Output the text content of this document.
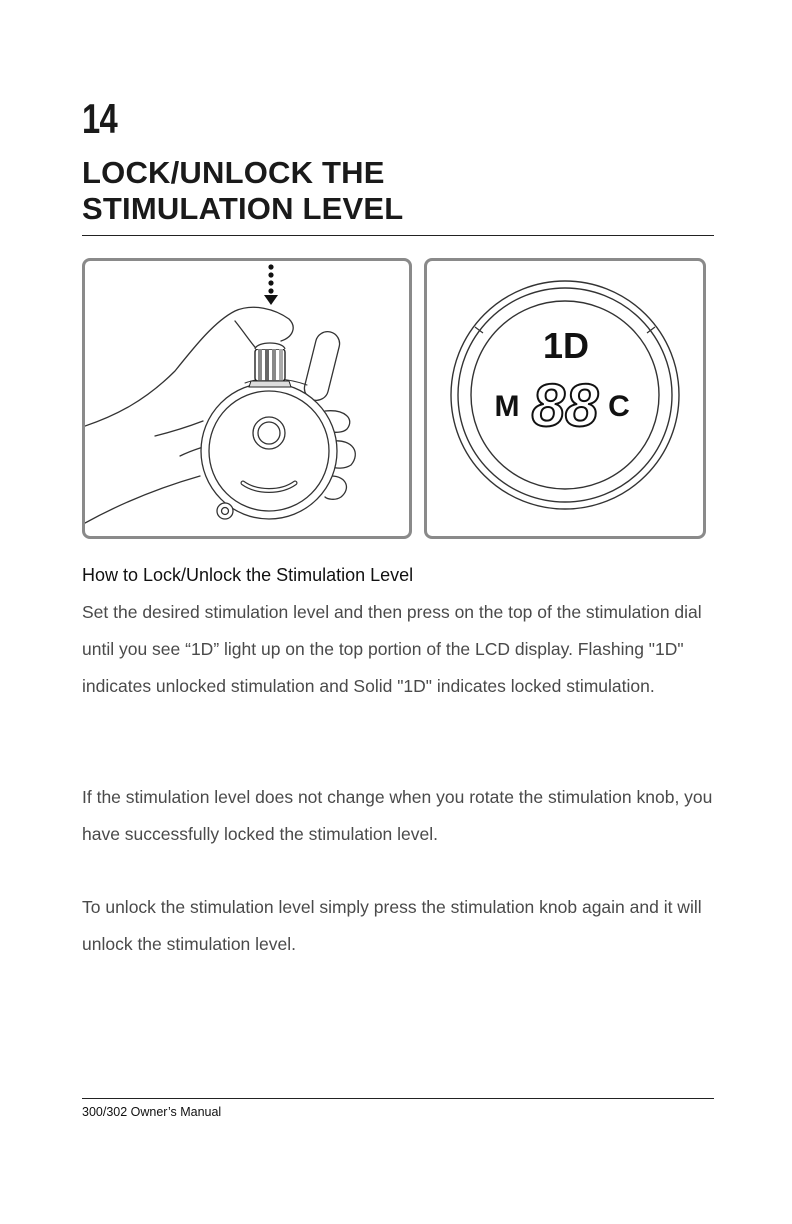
14
LOCK/UNLOCK THE
STIMULATION LEVEL
1D
M 88 C
How to Lock/Unlock the Stimulation Level

Set the desired stimulation level and then press on the top of the stimulation dial until you see “1D” light up on the top portion of the LCD display. Flashing "1D" indicates unlocked stimulation and Solid "1D" indicates locked stimulation.

If the stimulation level does not change when you rotate the stimulation knob, you have successfully locked the stimulation level.

To unlock the stimulation level simply press the stimulation knob again and it will unlock the stimulation level.

300/302 Owner’s Manual
